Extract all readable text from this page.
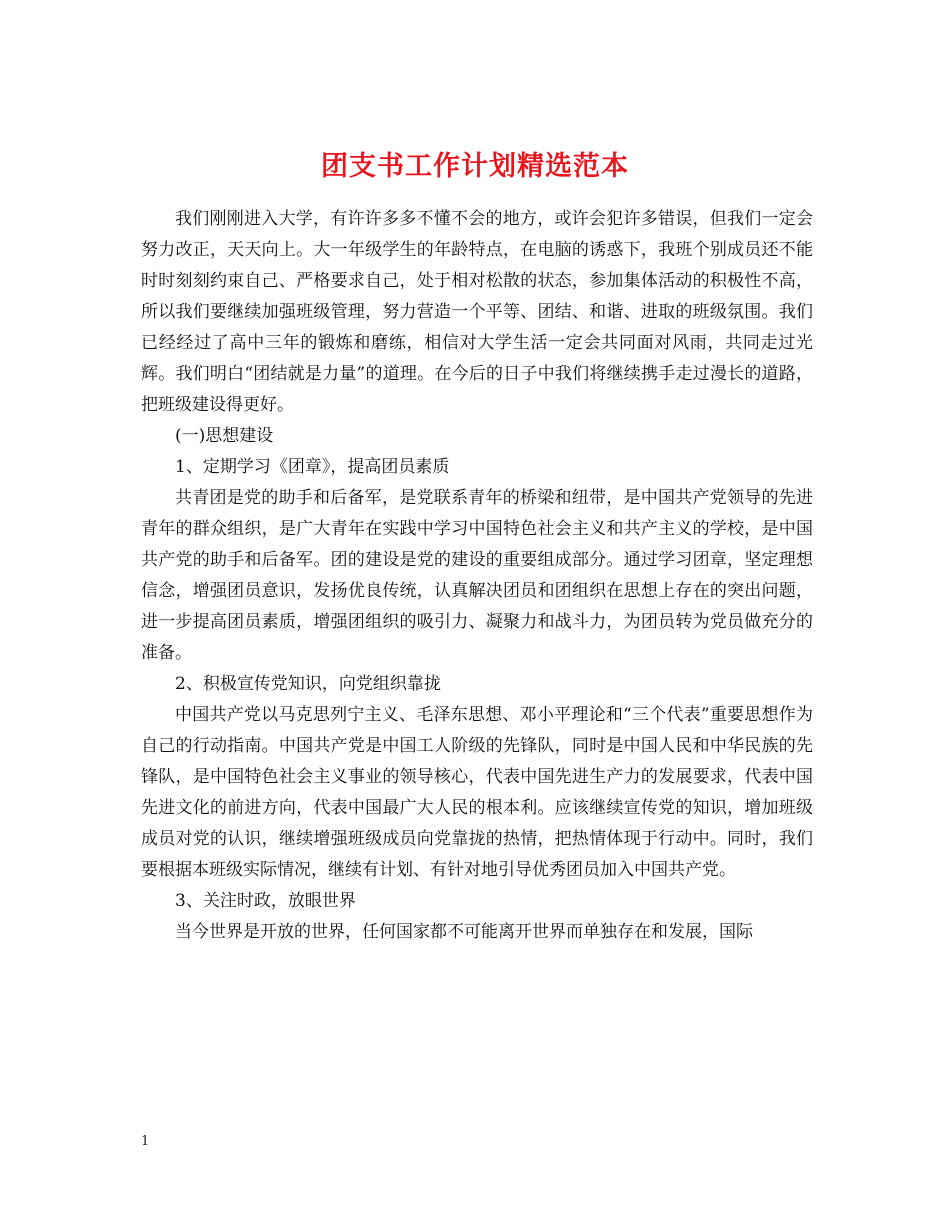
团支书工作计划精选范本

我们刚刚进入大学，有许许多多不懂不会的地方，或许会犯许多错误，但我们一定会努力改正，天天向上。大一年级学生的年龄特点，在电脑的诱惑下，我班个别成员还不能时时刻刻约束自己、严格要求自己，处于相对松散的状态，参加集体活动的积极性不高，所以我们要继续加强班级管理，努力营造一个平等、团结、和谐、进取的班级氛围。我们已经经过了高中三年的锻炼和磨练，相信对大学生活一定会共同面对风雨，共同走过光辉。我们明白“团结就是力量”的道理。在今后的日子中我们将继续携手走过漫长的道路，把班级建设得更好。

(一)思想建设

1、定期学习《团章》，提高团员素质

共青团是党的助手和后备军，是党联系青年的桥梁和纽带，是中国共产党领导的先进青年的群众组织，是广大青年在实践中学习中国特色社会主义和共产主义的学校，是中国共产党的助手和后备军。团的建设是党的建设的重要组成部分。通过学习团章，坚定理想信念，增强团员意识，发扬优良传统，认真解决团员和团组织在思想上存在的突出问题，进一步提高团员素质，增强团组织的吸引力、凝聚力和战斗力，为团员转为党员做充分的准备。

2、积极宣传党知识，向党组织靠拢

中国共产党以马克思列宁主义、毛泽东思想、邓小平理论和“三个代表”重要思想作为自己的行动指南。中国共产党是中国工人阶级的先锋队，同时是中国人民和中华民族的先锋队，是中国特色社会主义事业的领导核心，代表中国先进生产力的发展要求，代表中国先进文化的前进方向，代表中国最广大人民的根本利。应该继续宣传党的知识，增加班级成员对党的认识，继续增强班级成员向党靠拢的热情，把热情体现于行动中。同时，我们要根据本班级实际情况，继续有计划、有针对地引导优秀团员加入中国共产党。

3、关注时政，放眼世界

当今世界是开放的世界，任何国家都不可能离开世界而单独存在和发展，国际

1
